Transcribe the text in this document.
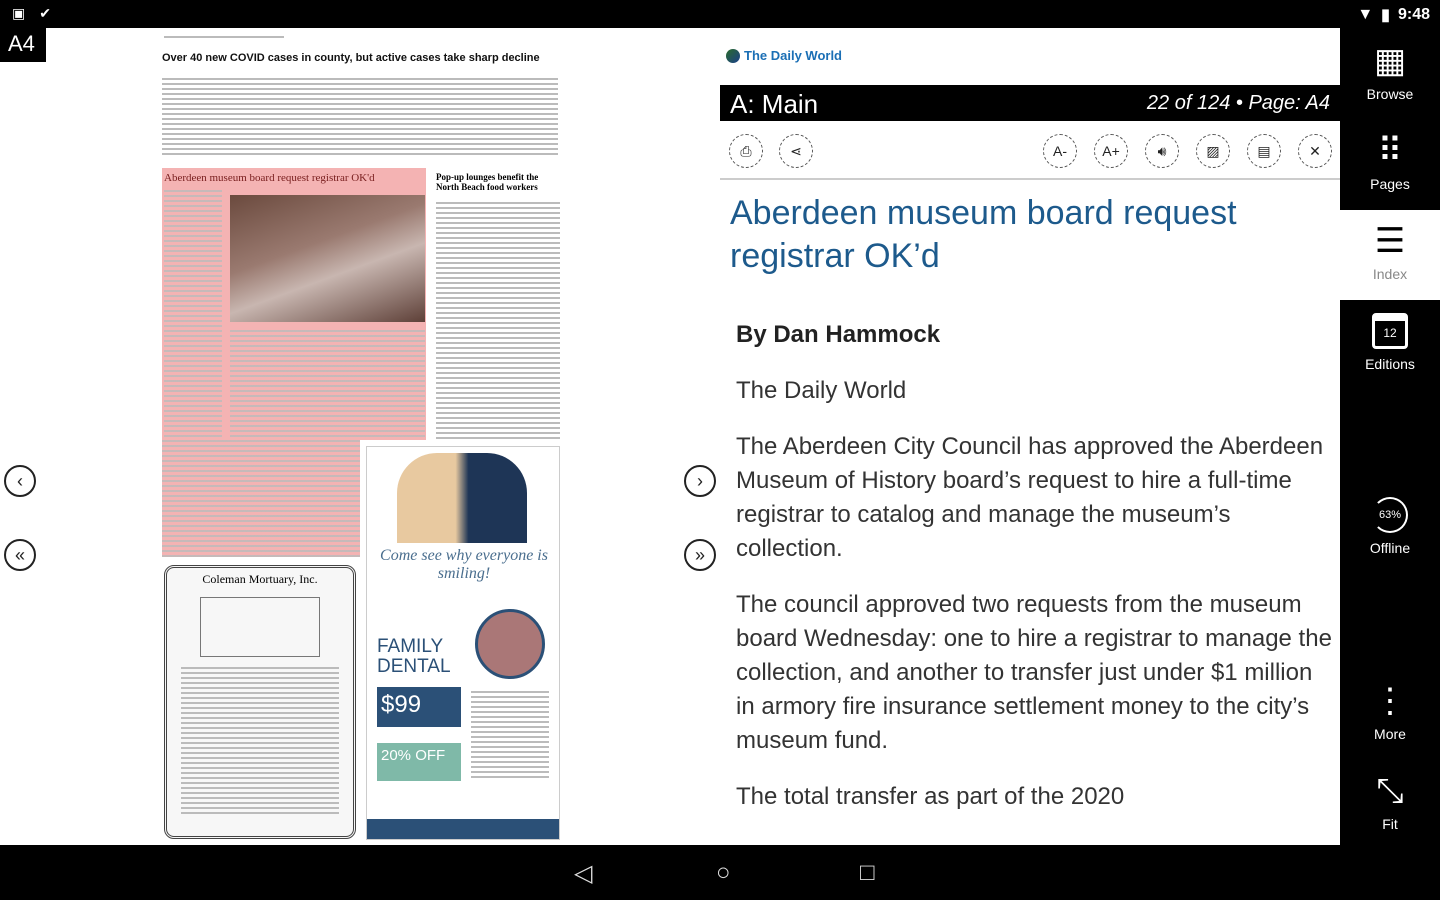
▣ ✔	▼ ▮ 9:48
A4
Over 40 new COVID cases in county, but active cases take sharp decline
Aberdeen museum board request registrar OK'd	Pop-up lounges benefit the North Beach food workers
Coleman Mortuary, Inc.
Come see why everyone is smiling!
FAMILY DENTAL
$99
20% OFF
‹
«
›
»
The Daily World
A: Main	22 of 124 • Page: A4
⎙	⋖	A-	A+	🔊︎	▨	▤	✕
Aberdeen museum board request registrar OK’d

By Dan Hammock

The Daily World

The Aberdeen City Council has approved the Aberdeen Museum of History board’s request to hire a full-time registrar to catalog and manage the museum’s collection.

The council approved two requests from the museum board Wednesday: one to hire a registrar to manage the collection, and another to transfer just under $1 million in armory fire insurance settlement money to the city’s museum fund.

The total transfer as part of the 2020

▦
Browse
⠿
Pages
☰
Index
12
Editions
63%
Offline
⋮
More
⤡
Fit
◁	○	□
